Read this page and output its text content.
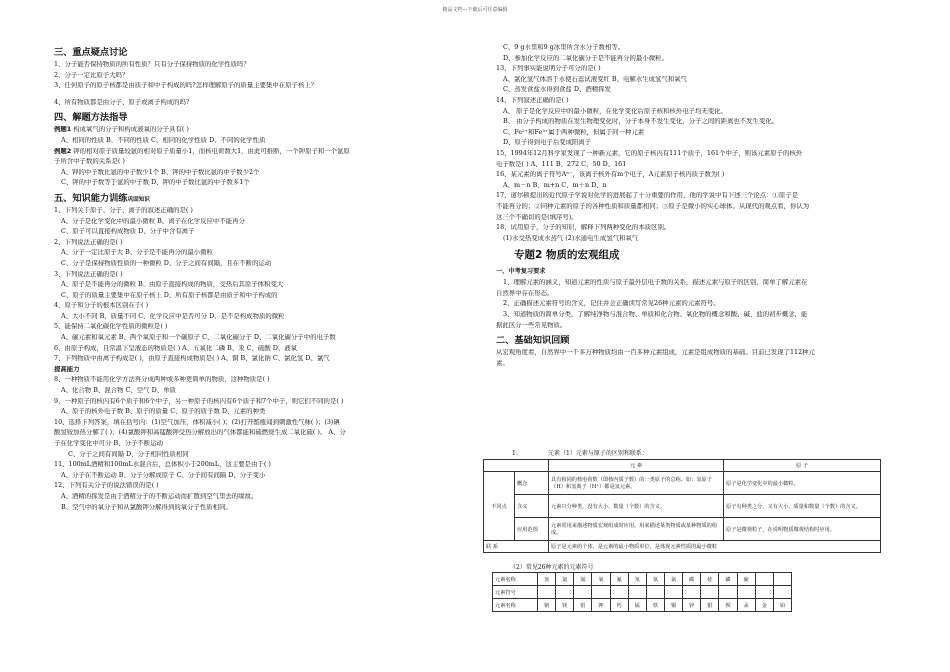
精品文档---下载后可任意编辑
三、重点疑点讨论
1、分子能否保持物质的所有性质？只有分子保持物质的化学性质吗？
2、分子一定比原子大吗？
3、任何原子的原子核都是由质子和中子构成的吗?怎样理解原子的质量主要集中在原子核上？
4、所有物质都是由分子、原子或离子构成的吗?
四、解题方法指导
例题1 构成氧气的分子和构成液氧的分子具有( )
A、相同的性质 B、不同的性质 C、相同的化学性质 D、不同的化学性质
例题2 钾的相对原子质量较氩的相对原子质量小1，而核电荷数大1，由此可推断，一个钾原子和一个氩原
子所含中子数的关系是( )
A、钾的中子数比氩的中子数少1个 B、钾的中子数比氩的中子数少2个
C、钾的中子数等于氩的中子数 D、钾的中子数比氩的中子数多1个
五、知识能力训练巩固知识
1、下列关于原子、分子、离子的叙述正确的是( )
A、分子是化学变化中的最小微粒 B、离子在化学反应中不能再分
C、原子可以直接构成物质 D、分子中含有离子
2、下列说法正确的是( )
A、分子一定比原子大 B、分子是不能再分的最小微粒
C、分子是保持物质性质的一种微粒 D、分子之间有间隔，且在不断的运动
3、下列说法正确的是( )
A、原子是不能再分的微粒 B、由原子直接构成的物质，受热后其原子体积变大
C、原子的质量主要集中在原子核上 D、所有原子核都是由质子和中子构成的
4、原子和分子的根本区别在于( )
A、大小不同 B、质量不同 C、化学反应中是否可分 D、是不是构成物质的微粒
5、能保持二氧化碳化学性质的微粒是( )
A、碳元素和氧元素 B、两个氧原子和一个碳原子 C、二氧化碳分子 D、二氧化碳分子中的电子数
6、由原子构成，且常温下呈液态的物质是( ) A、五氧化二磷 B、汞 C、硫酸 D、液氧
7、下列物质中由离子构成是( )，由原子直接构成物质是( ) A、铜 B、氯化钠 C、氯化氢 D、氯气
提高能力
8、一种物质不能用化学方法再分成两种或多种更简单的物质，这种物质是( )
A、化合物 B、混合物 C、空气 D、单质
9、一种原子的核内有6个质子和6个中子，另一种原子的核内有6个质子和7个中子，则它们不同的是( )
A、原子的核外电子数 B、原子的质量 C、原子的质子数 D、元素的种类
10、选择下列答案，填在括号内：(1)空气加压，体积减小( )；(2)打开酷瓶闻到刺激性气味( )；(3)碘
酸氢铵加热分解了( )；(4)氯酸钾和高锰酸钾受热分解放出的气体都能和硫燃烧生成二氧化硫( )。 A、分
子在化学变化中可分 B、分子不断运动
C、分子之间有间隔 D、分子相同性质相同
11、100mL酒精和100mL水混合后，总体积小于200mL，这主要是由于( )
A、分子在不断运动 B、分子分解成原子 C、分子间有间隔 D、分子变小
12、下列有关分子的说法错误的是( )
A、酒精的挥发是由于酒精分子的不断运动而扩散到空气里去的缘故。
B、空气中的氧分子和从氯酸钾分解得到的氧分子性质相同。
C、9 g水里和9 g冰里所含水分子数相等。
D、参加化学反应的二氧化碳分子是不能再分的最小微粒。
13、下列事实能说明分子可分的是( )
A、氯化氢气体溶于水使石蕊试液变红 B、电解水生成氢气和氧气
C、蒸发食盐水得到食盐 D、酒精挥发
14、下列叙述正确的是( )
A、 原子是化学反应中的最小微粒，在化学变化后原子核和核外电子均无变化。
B、 由分子构成的物质在发生物理变化时，分子本身不发生变化，分子之间的距离也不发生变化。
C、Fe²⁺和Fe³⁺属于两种微粒，但属于同一种元素
D、原子得到电子后变成阳离子
15、1994年12月科学家发现了一种新元素，它的原子核内有111个质子，161个中子，则该元素原子的核外
电子数是( ) A、111 B、272 C、50 D、161
16、某元素的离子符号Aⁿ⁻，该离子核外有m个电子，A元素原子核内质子数为( )
A、m－n B、m+n C、m＋n D、n
17、道尔顿提出的近代原子学说对化学的进展起了十分重要的作用，他的学说中有下述三个论点：①原子是
不能再分的；②同种元素的原子的各种性质和质量都相同；③原子是微小的实心球体。从现代的观点看，你认为
这三个不确切的是(填序号)。
18、试用原子，分子的知识，解释下列两种变化的本质区别。
(1)水受热变成水蒸气 (2)水通电生成氢气和氧气
专题2 物质的宏观组成
一、中考复习要求
1、理解元素的涵义，知道元素的性质与原子最外层电子数的关系，描述元素与原子的区别，简单了解元素在
自然界中存在形态。
2、正确描述元素符号的含义，记住并会正确读写常见26种元素的元素符号。
3、知道物质的简单分类，了解纯净物与混合物、单质和化合物、氧化物的概念和酸、碱、盐的初步概念，能
据此区分一些常见物质。
二、基础知识回顾
从宏观角度看，自然界中一千多万种物质均由一百多种元素组成，元素是组成物质的基础。目前已发现了112种元
素。
1、	元素（1）元素与原子的区别和联系：
		元 素	原 子
不同点	概念	具有相同的核电荷数（即核内质子数）的一类原子的总称。如：氢原子（H）和氢离子（H⁺）都是氢元素。	原子是化学变化中的最小微粒。
	含义	元素只分种类，没有大小、数量（个数）的含义。	原子有种类之分，又有大小、质量和数量（个数）的含义。
	应用范围	元素常用来描述物质宏观组成时应用。用来描述某类物质或某种物质的组成。	原子是微观粒子，在说明物质微观结构时应用。
联 系		原子是元素的个体，是元素的最小物质单位，是体现元素性质的最小微粒	
（2）常见26种元素的元素符号
元素名称	氢	氦	氮	氧	氟	氖	氩	氯	碳	硅	磷	硫		
元素符号														
元素名称	钠	镁	铝	钾	钙	锰	铁	铜	锌	银	钡	汞	金	铂
